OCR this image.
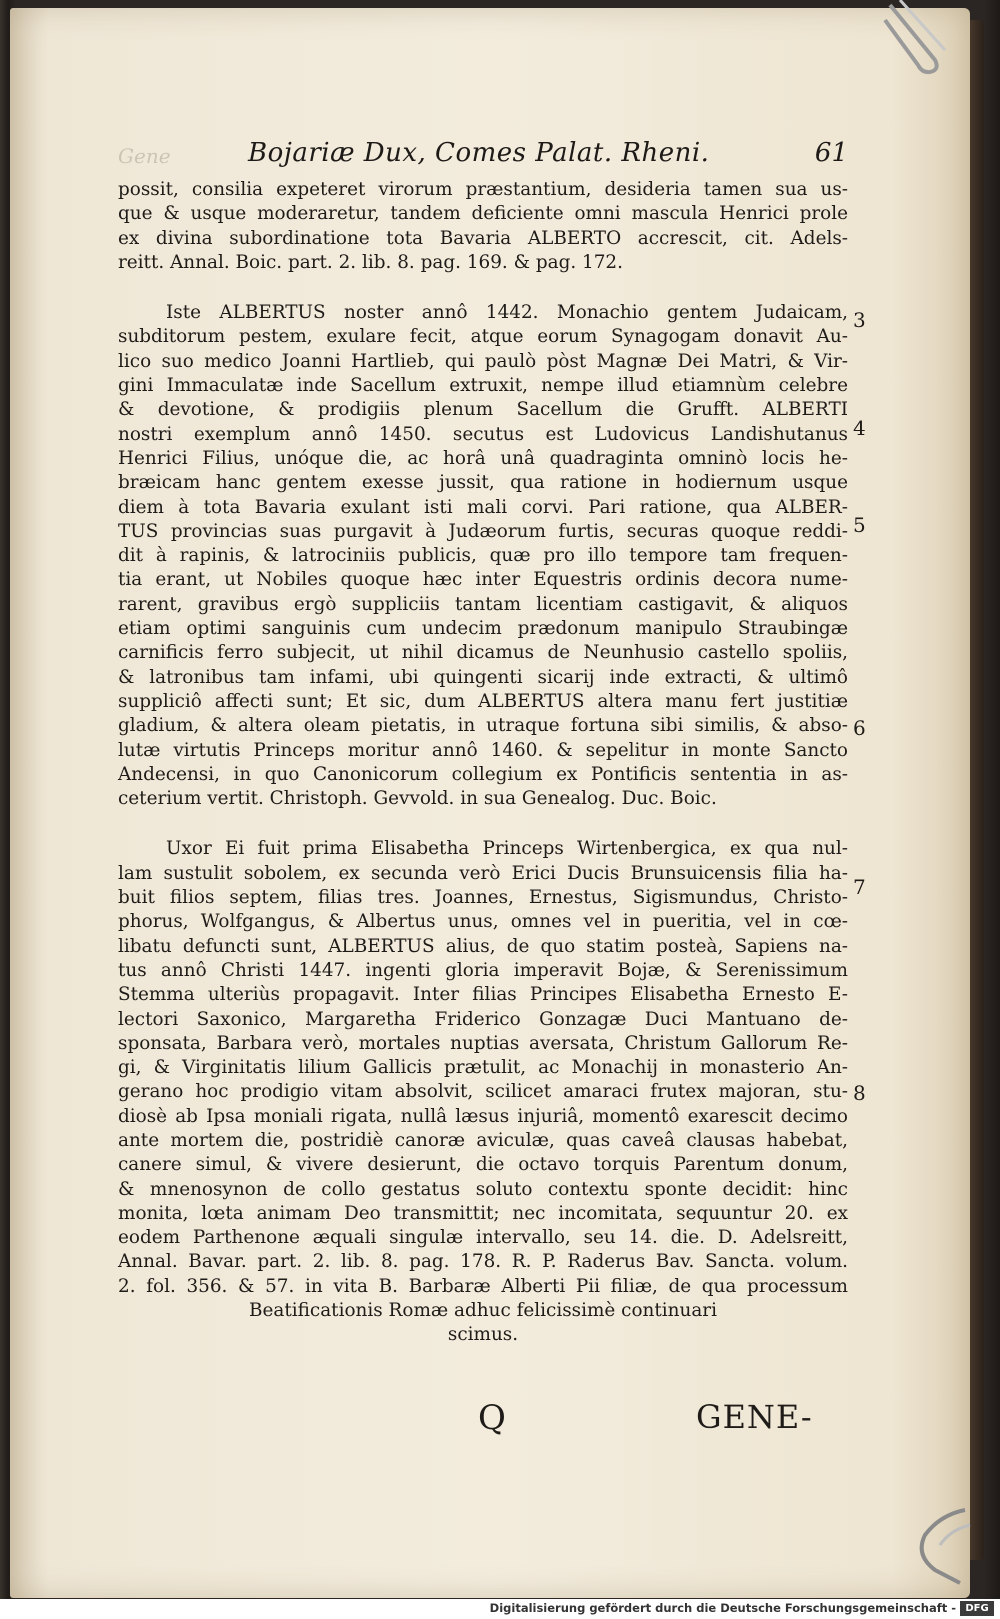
Gene	Bojariæ Dux, Comes Palat. Rheni.	61
possit, consilia expeteret virorum præstantium, desideria tamen sua us-
que & usque moderaretur, tandem deficiente omni mascula Henrici prole
ex divina subordinatione tota Bavaria ALBERTO accrescit, cit. Adels-
reitt. Annal. Boic. part. 2. lib. 8. pag. 169. & pag. 172.
Iste ALBERTUS noster annô 1442. Monachio gentem Judaicam,
subditorum pestem, exulare fecit, atque eorum Synagogam donavit Au-
lico suo medico Joanni Hartlieb, qui paulò pòst Magnæ Dei Matri, & Vir-
gini Immaculatæ inde Sacellum extruxit, nempe illud etiamnùm celebre
& devotione, & prodigiis plenum Sacellum die Grufft. ALBERTI
nostri exemplum annô 1450. secutus est Ludovicus Landishutanus
Henrici Filius, unóque die, ac horâ unâ quadraginta omninò locis he-
bræicam hanc gentem exesse jussit, qua ratione in hodiernum usque
diem à tota Bavaria exulant isti mali corvi. Pari ratione, qua ALBER-
TUS provincias suas purgavit à Judæorum furtis, securas quoque reddi-
dit à rapinis, & latrociniis publicis, quæ pro illo tempore tam frequen-
tia erant, ut Nobiles quoque hæc inter Equestris ordinis decora nume-
rarent, gravibus ergò suppliciis tantam licentiam castigavit, & aliquos
etiam optimi sanguinis cum undecim prædonum manipulo Straubingæ
carnificis ferro subjecit, ut nihil dicamus de Neunhusio castello spoliis,
& latronibus tam infami, ubi quingenti sicarij inde extracti, & ultimô
suppliciô affecti sunt; Et sic, dum ALBERTUS altera manu fert justitiæ
gladium, & altera oleam pietatis, in utraque fortuna sibi similis, & abso-
lutæ virtutis Princeps moritur annô 1460. & sepelitur in monte Sancto
Andecensi, in quo Canonicorum collegium ex Pontificis sententia in as-
ceterium vertit. Christoph. Gevvold. in sua Genealog. Duc. Boic.
Uxor Ei fuit prima Elisabetha Princeps Wirtenbergica, ex qua nul-
lam sustulit sobolem, ex secunda verò Erici Ducis Brunsuicensis filia ha-
buit filios septem, filias tres. Joannes, Ernestus, Sigismundus, Christo-
phorus, Wolfgangus, & Albertus unus, omnes vel in pueritia, vel in cœ-
libatu defuncti sunt, ALBERTUS alius, de quo statim posteà, Sapiens na-
tus annô Christi 1447. ingenti gloria imperavit Bojæ, & Serenissimum
Stemma ulteriùs propagavit. Inter filias Principes Elisabetha Ernesto E-
lectori Saxonico, Margaretha Friderico Gonzagæ Duci Mantuano de-
sponsata, Barbara verò, mortales nuptias aversata, Christum Gallorum Re-
gi, & Virginitatis lilium Gallicis prætulit, ac Monachij in monasterio An-
gerano hoc prodigio vitam absolvit, scilicet amaraci frutex majoran, stu-
diosè ab Ipsa moniali rigata, nullâ læsus injuriâ, momentô exarescit decimo
ante mortem die, postridiè canoræ aviculæ, quas caveâ clausas habebat,
canere simul, & vivere desierunt, die octavo torquis Parentum donum,
& mnenosynon de collo gestatus soluto contextu sponte decidit: hinc
monita, lœta animam Deo transmittit; nec incomitata, sequuntur 20. ex
eodem Parthenone æquali singulæ intervallo, seu 14. die. D. Adelsreitt,
Annal. Bavar. part. 2. lib. 8. pag. 178. R. P. Raderus Bav. Sancta. volum.
2. fol. 356. & 57. in vita B. Barbaræ Alberti Pii filiæ, de qua processum
Beatificationis Romæ adhuc felicissimè continuari
scimus.
3
4
5
6
7
8
Q	GENE-
Digitalisierung gefördert durch die Deutsche Forschungsgemeinschaft - DFG
